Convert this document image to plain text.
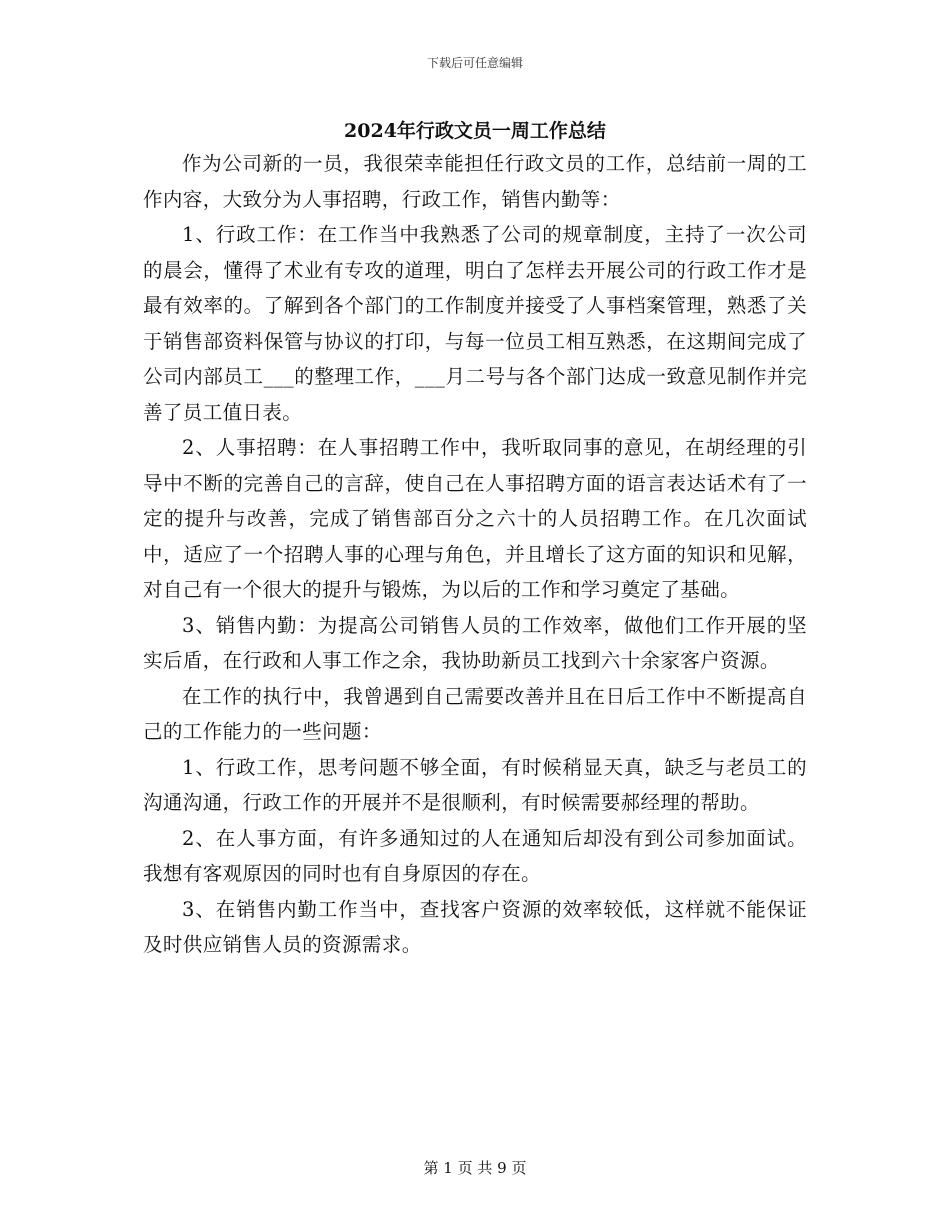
下载后可任意编辑
2024年行政文员一周工作总结

作为公司新的一员，我很荣幸能担任行政文员的工作，总结前一周的工作内容，大致分为人事招聘，行政工作，销售内勤等：

1、行政工作：在工作当中我熟悉了公司的规章制度，主持了一次公司的晨会，懂得了术业有专攻的道理，明白了怎样去开展公司的行政工作才是最有效率的。了解到各个部门的工作制度并接受了人事档案管理，熟悉了关于销售部资料保管与协议的打印，与每一位员工相互熟悉，在这期间完成了公司内部员工___的整理工作，___月二号与各个部门达成一致意见制作并完善了员工值日表。

2、人事招聘：在人事招聘工作中，我听取同事的意见，在胡经理的引导中不断的完善自己的言辞，使自己在人事招聘方面的语言表达话术有了一定的提升与改善，完成了销售部百分之六十的人员招聘工作。在几次面试中，适应了一个招聘人事的心理与角色，并且增长了这方面的知识和见解，对自己有一个很大的提升与锻炼，为以后的工作和学习奠定了基础。

3、销售内勤：为提高公司销售人员的工作效率，做他们工作开展的坚实后盾，在行政和人事工作之余，我协助新员工找到六十余家客户资源。

在工作的执行中，我曾遇到自己需要改善并且在日后工作中不断提高自己的工作能力的一些问题：

1、行政工作，思考问题不够全面，有时候稍显天真，缺乏与老员工的沟通沟通，行政工作的开展并不是很顺利，有时候需要郝经理的帮助。

2、在人事方面，有许多通知过的人在通知后却没有到公司参加面试。我想有客观原因的同时也有自身原因的存在。

3、在销售内勤工作当中，查找客户资源的效率较低，这样就不能保证及时供应销售人员的资源需求。

第 1 页 共 9 页
